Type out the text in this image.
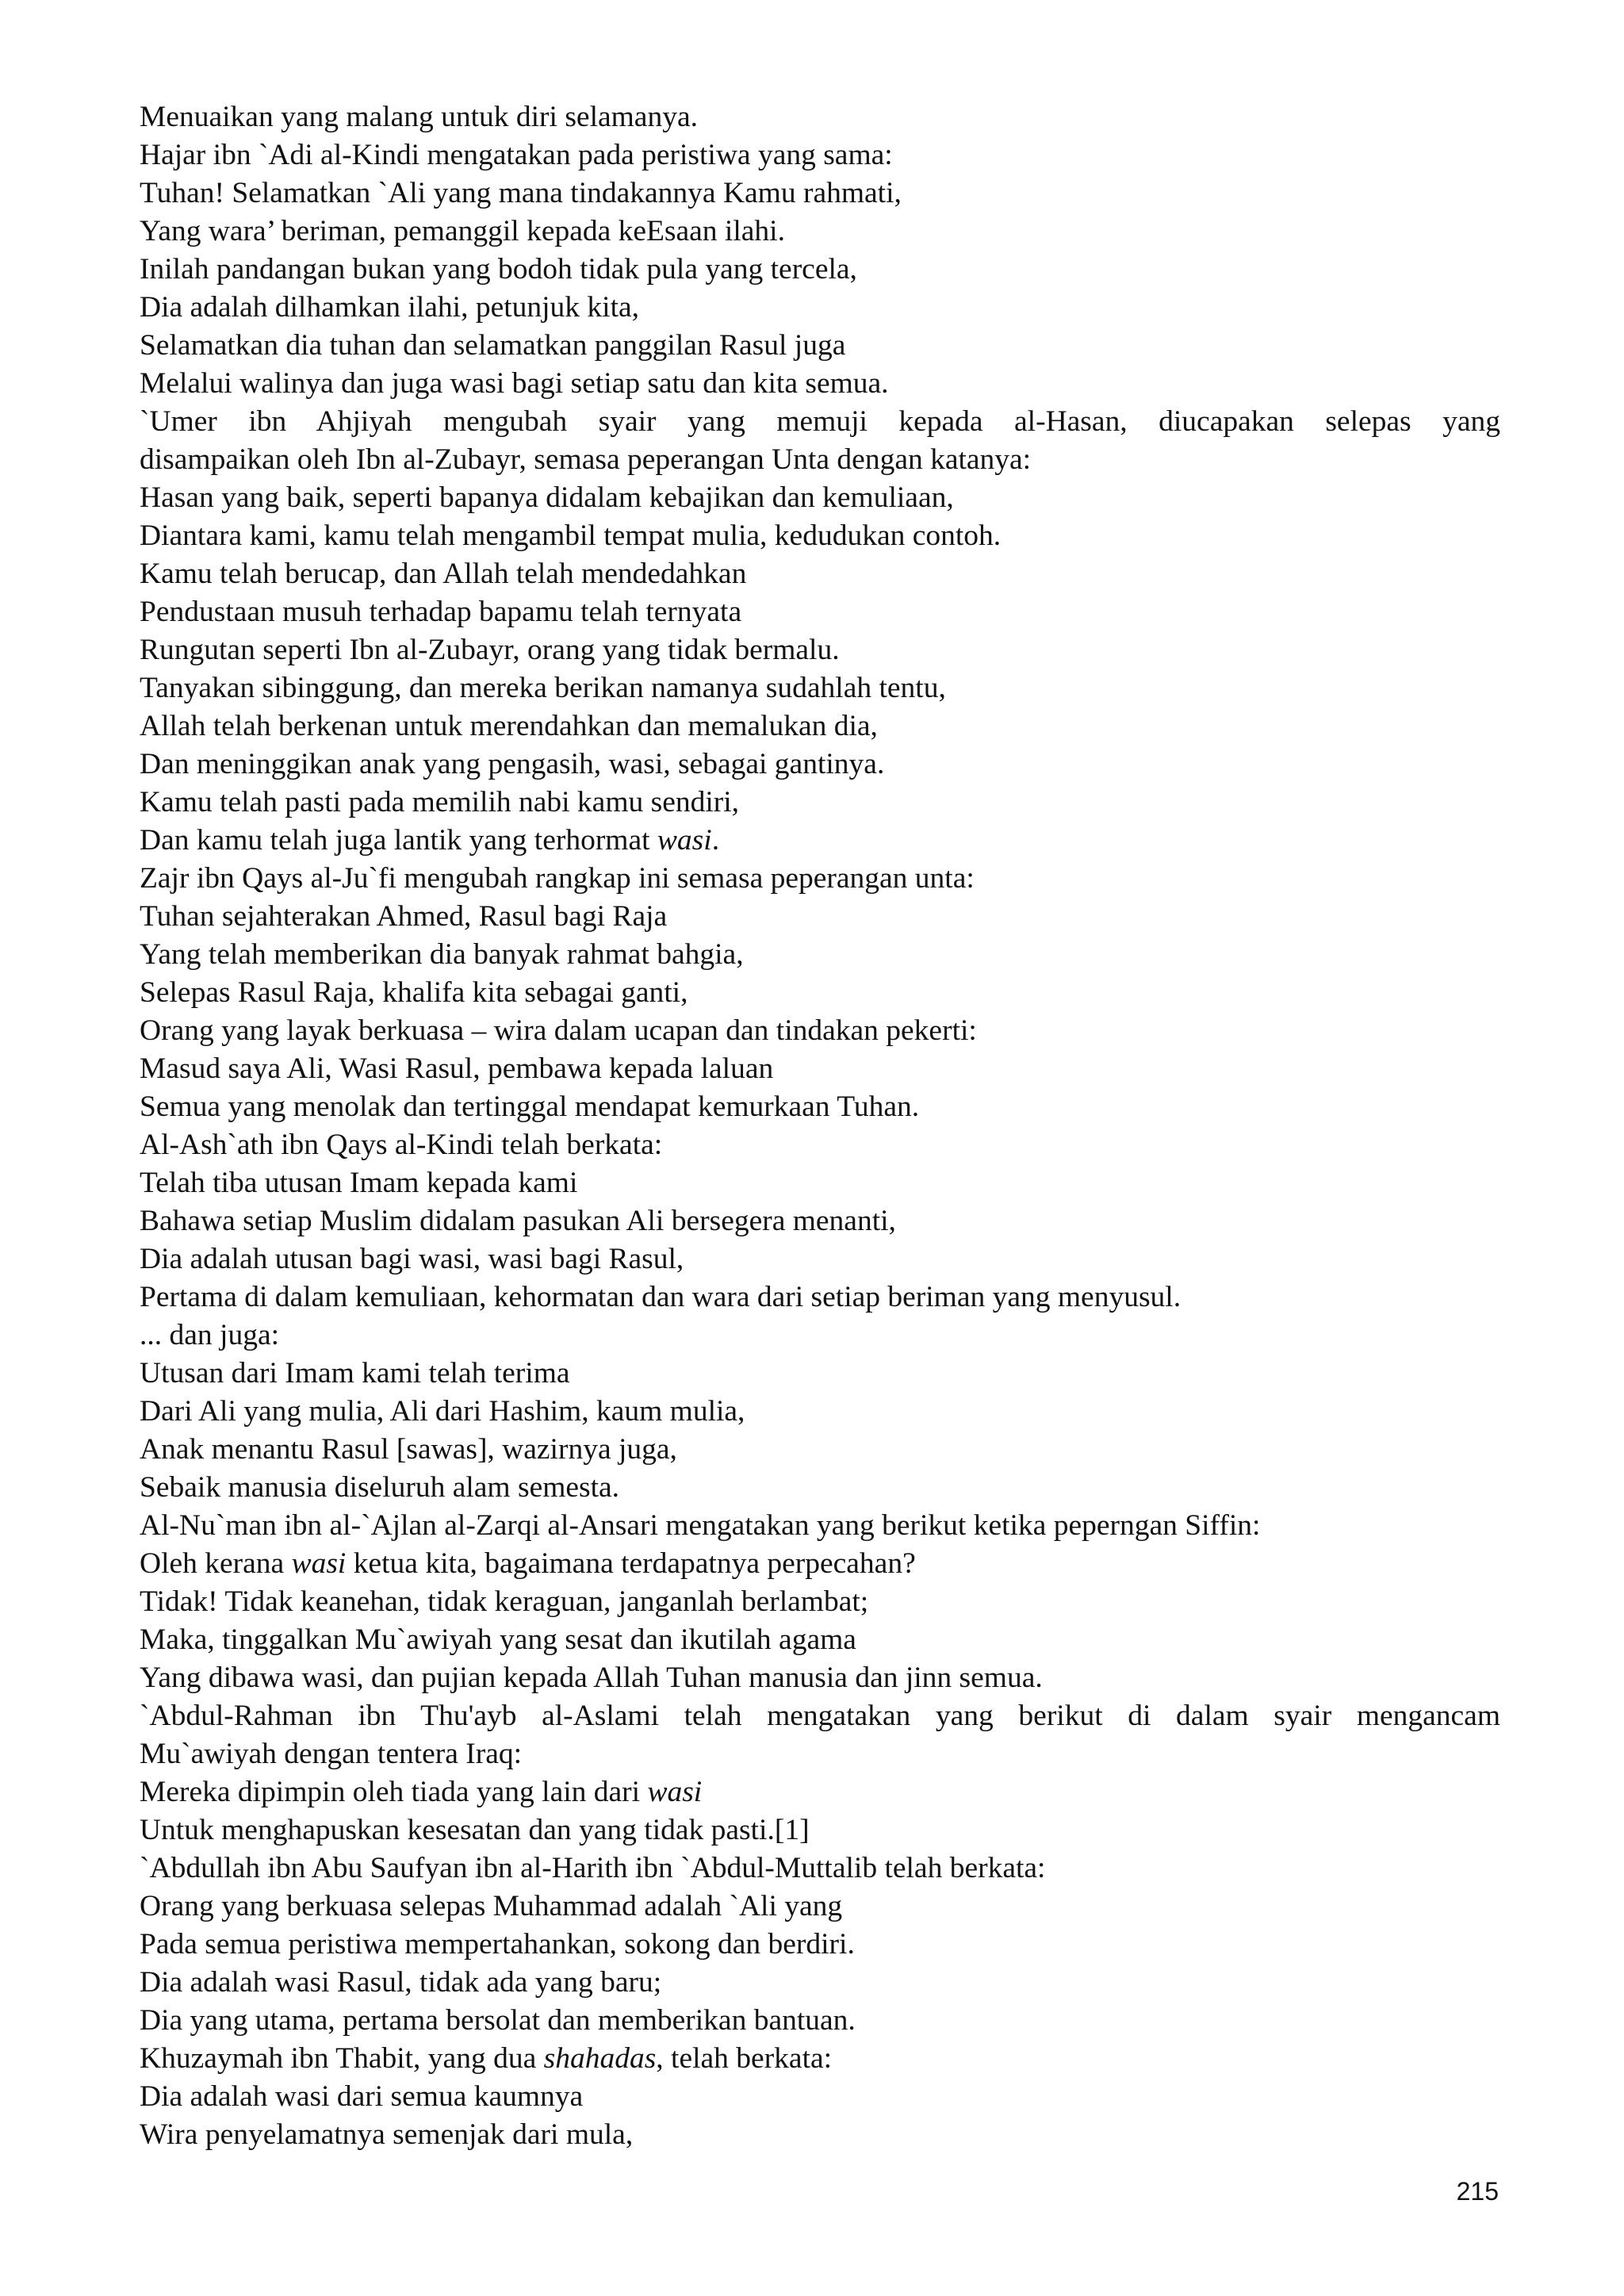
Menuaikan yang malang untuk diri selamanya.
Hajar ibn `Adi al-Kindi mengatakan pada peristiwa yang sama:
Tuhan! Selamatkan `Ali yang mana tindakannya Kamu rahmati,
Yang wara’ beriman, pemanggil kepada keEsaan ilahi.
Inilah pandangan bukan yang bodoh tidak pula yang tercela,
Dia adalah dilhamkan ilahi, petunjuk kita,
Selamatkan dia tuhan dan selamatkan panggilan Rasul juga
Melalui walinya dan juga wasi bagi setiap satu dan kita semua.
`Umer ibn Ahjiyah mengubah syair yang memuji kepada al-Hasan, diucapakan selepas yang
disampaikan oleh Ibn al-Zubayr, semasa peperangan Unta dengan katanya:
Hasan yang baik, seperti bapanya didalam kebajikan dan kemuliaan,
Diantara kami, kamu telah mengambil tempat mulia, kedudukan contoh.
Kamu telah berucap, dan Allah telah mendedahkan
Pendustaan musuh terhadap bapamu telah ternyata
Rungutan seperti Ibn al-Zubayr, orang yang tidak bermalu.
Tanyakan sibinggung, dan mereka berikan namanya sudahlah tentu,
Allah telah berkenan untuk merendahkan dan memalukan dia,
Dan meninggikan anak yang pengasih, wasi, sebagai gantinya.
Kamu telah pasti pada memilih nabi kamu sendiri,
Dan kamu telah juga lantik yang terhormat wasi.
Zajr ibn Qays al-Ju`fi mengubah rangkap ini semasa peperangan unta:
Tuhan sejahterakan Ahmed, Rasul bagi Raja
Yang telah memberikan dia banyak rahmat bahgia,
Selepas Rasul Raja, khalifa kita sebagai ganti,
Orang yang layak berkuasa – wira dalam ucapan dan tindakan pekerti:
Masud saya Ali, Wasi Rasul, pembawa kepada laluan
Semua yang menolak dan tertinggal mendapat kemurkaan Tuhan.
Al-Ash`ath ibn Qays al-Kindi telah berkata:
Telah tiba utusan Imam kepada kami
Bahawa setiap Muslim didalam pasukan Ali bersegera menanti,
Dia adalah utusan bagi wasi, wasi bagi Rasul,
Pertama di dalam kemuliaan, kehormatan dan wara dari setiap beriman yang menyusul.
... dan juga:
Utusan dari Imam kami telah terima
Dari Ali yang mulia, Ali dari Hashim, kaum mulia,
Anak menantu Rasul [sawas], wazirnya juga,
Sebaik manusia diseluruh alam semesta.
Al-Nu`man ibn al-`Ajlan al-Zarqi al-Ansari mengatakan yang berikut ketika peperngan Siffin:
Oleh kerana wasi ketua kita, bagaimana terdapatnya perpecahan?
Tidak! Tidak keanehan, tidak keraguan, janganlah berlambat;
Maka, tinggalkan Mu`awiyah yang sesat dan ikutilah agama
Yang dibawa wasi, dan pujian kepada Allah Tuhan manusia dan jinn semua.
`Abdul-Rahman ibn Thu'ayb al-Aslami telah mengatakan yang berikut di dalam syair mengancam
Mu`awiyah dengan tentera Iraq:
Mereka dipimpin oleh tiada yang lain dari wasi
Untuk menghapuskan kesesatan dan yang tidak pasti.[1]
`Abdullah ibn Abu Saufyan ibn al-Harith ibn `Abdul-Muttalib telah berkata:
Orang yang berkuasa selepas Muhammad adalah `Ali yang
Pada semua peristiwa mempertahankan, sokong dan berdiri.
Dia adalah wasi Rasul, tidak ada yang baru;
Dia yang utama, pertama bersolat dan memberikan bantuan.
Khuzaymah ibn Thabit, yang dua shahadas, telah berkata:
Dia adalah wasi dari semua kaumnya
Wira penyelamatnya semenjak dari mula,
215
